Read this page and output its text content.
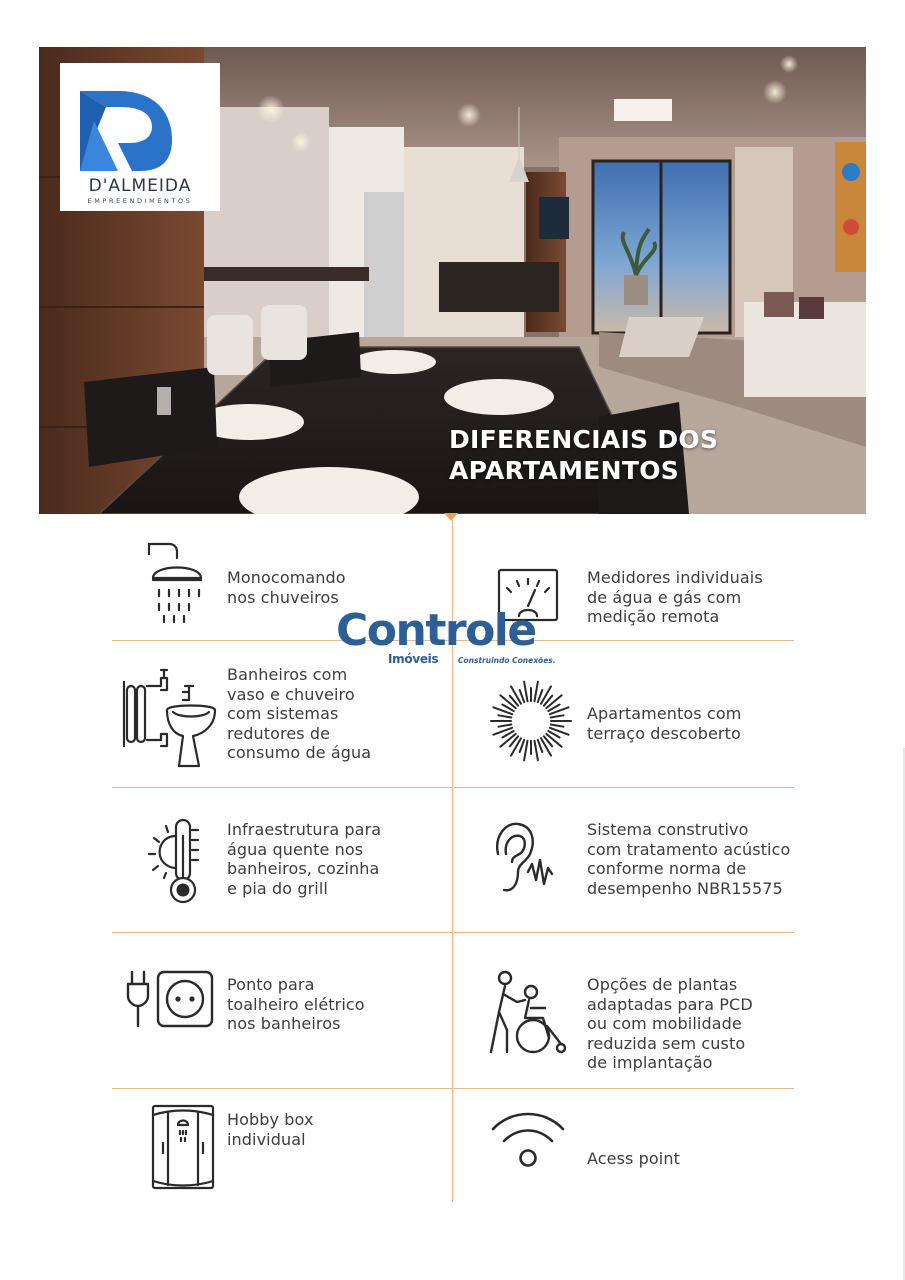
D'ALMEIDA
EMPREENDIMENTOS
DIFERENCIAIS DOS
APARTAMENTOS
Monocomando
nos chuveiros
Medidores individuais
de água e gás com
medição remota
Banheiros com
vaso e chuveiro
com sistemas
redutores de
consumo de água
Apartamentos com
terraço descoberto
Infraestrutura para
água quente nos
banheiros, cozinha
e pia do grill
Sistema construtivo
com tratamento acústico
conforme norma de
desempenho NBR15575
Ponto para
toalheiro elétrico
nos banheiros
Opções de plantas
adaptadas para PCD
ou com mobilidade
reduzida sem custo
de implantação
Hobby box
individual
Acess point
Controle
Imóveis	Construindo Conexões.
